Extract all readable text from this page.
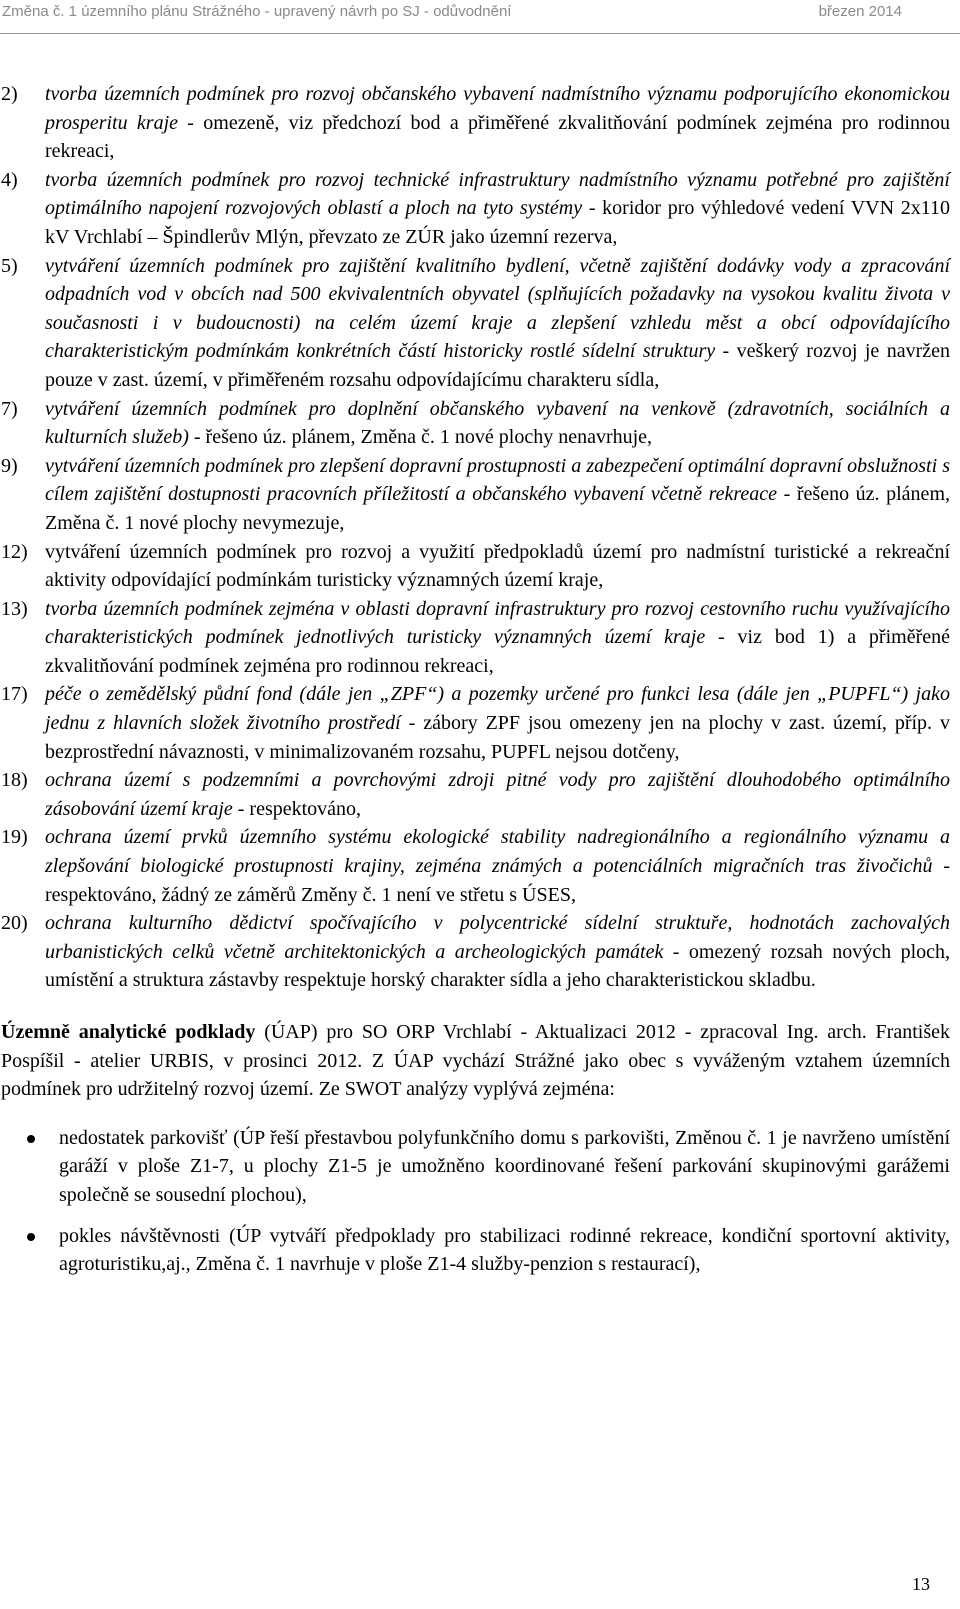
Změna č. 1 územního plánu Strážného - upravený návrh po SJ - odůvodnění	březen 2014
2) tvorba územních podmínek pro rozvoj občanského vybavení nadmístního významu podporujícího ekonomickou prosperitu kraje - omezeně, viz předchozí bod a přiměřené zkvalitňování podmínek zejména pro rodinnou rekreaci,
4) tvorba územních podmínek pro rozvoj technické infrastruktury nadmístního významu potřebné pro zajištění optimálního napojení rozvojových oblastí a ploch na tyto systémy - koridor pro výhledové vedení VVN 2x110 kV Vrchlabí – Špindlerův Mlýn, převzato ze ZÚR jako územní rezerva,
5) vytváření územních podmínek pro zajištění kvalitního bydlení, včetně zajištění dodávky vody a zpracování odpadních vod v obcích nad 500 ekvivalentních obyvatel (splňujících požadavky na vysokou kvalitu života v současnosti i v budoucnosti) na celém území kraje a zlepšení vzhledu měst a obcí odpovídajícího charakteristickým podmínkám konkrétních částí historicky rostlé sídelní struktury - veškerý rozvoj je navržen pouze v zast. území, v přiměřeném rozsahu odpovídajícímu charakteru sídla,
7) vytváření územních podmínek pro doplnění občanského vybavení na venkově (zdravotních, sociálních a kulturních služeb) - řešeno úz. plánem, Změna č. 1 nové plochy nenavrhuje,
9) vytváření územních podmínek pro zlepšení dopravní prostupnosti a zabezpečení optimální dopravní obslužnosti s cílem zajištění dostupnosti pracovních příležitostí a občanského vybavení včetně rekreace - řešeno úz. plánem, Změna č. 1 nové plochy nevymezuje,
12) vytváření územních podmínek pro rozvoj a využití předpokladů území pro nadmístní turistické a rekreační aktivity odpovídající podmínkám turisticky významných území kraje,
13) tvorba územních podmínek zejména v oblasti dopravní infrastruktury pro rozvoj cestovního ruchu využívajícího charakteristických podmínek jednotlivých turisticky významných území kraje - viz bod 1) a přiměřené zkvalitňování podmínek zejména pro rodinnou rekreaci,
17) péče o zemědělský půdní fond (dále jen „ZPF“) a pozemky určené pro funkci lesa (dále jen „PUPFL“) jako jednu z hlavních složek životního prostředí - zábory ZPF jsou omezeny jen na plochy v zast. území, příp. v bezprostřední návaznosti, v minimalizovaném rozsahu, PUPFL nejsou dotčeny,
18) ochrana území s podzemními a povrchovými zdroji pitné vody pro zajištění dlouhodobého optimálního zásobování území kraje - respektováno,
19) ochrana území prvků územního systému ekologické stability nadregionálního a regionálního významu a zlepšování biologické prostupnosti krajiny, zejména známých a potenciálních migračních tras živočichů - respektováno, žádný ze záměrů Změny č. 1 není ve střetu s ÚSES,
20) ochrana kulturního dědictví spočívajícího v polycentrické sídelní struktuře, hodnotách zachovalých urbanistických celků včetně architektonických a archeologických památek - omezený rozsah nových ploch, umístění a struktura zástavby respektuje horský charakter sídla a jeho charakteristickou skladbu.

Územně analytické podklady (ÚAP) pro SO ORP Vrchlabí - Aktualizaci 2012 - zpracoval Ing. arch. František Pospíšil - atelier URBIS, v prosinci 2012. Z ÚAP vychází Strážné jako obec s vyváženým vztahem územních podmínek pro udržitelný rozvoj území. Ze SWOT analýzy vyplývá zejména:

nedostatek parkovišť (ÚP řeší přestavbou polyfunkčního domu s parkovišti, Změnou č. 1 je navrženo umístění garáží v ploše Z1-7, u plochy Z1-5 je umožněno koordinované řešení parkování skupinovými garážemi společně se sousední plochou),
pokles návštěvnosti (ÚP vytváří předpoklady pro stabilizaci rodinné rekreace, kondiční sportovní aktivity, agroturistiku,aj., Změna č. 1 navrhuje v ploše Z1-4 služby-penzion s restaurací),
13
